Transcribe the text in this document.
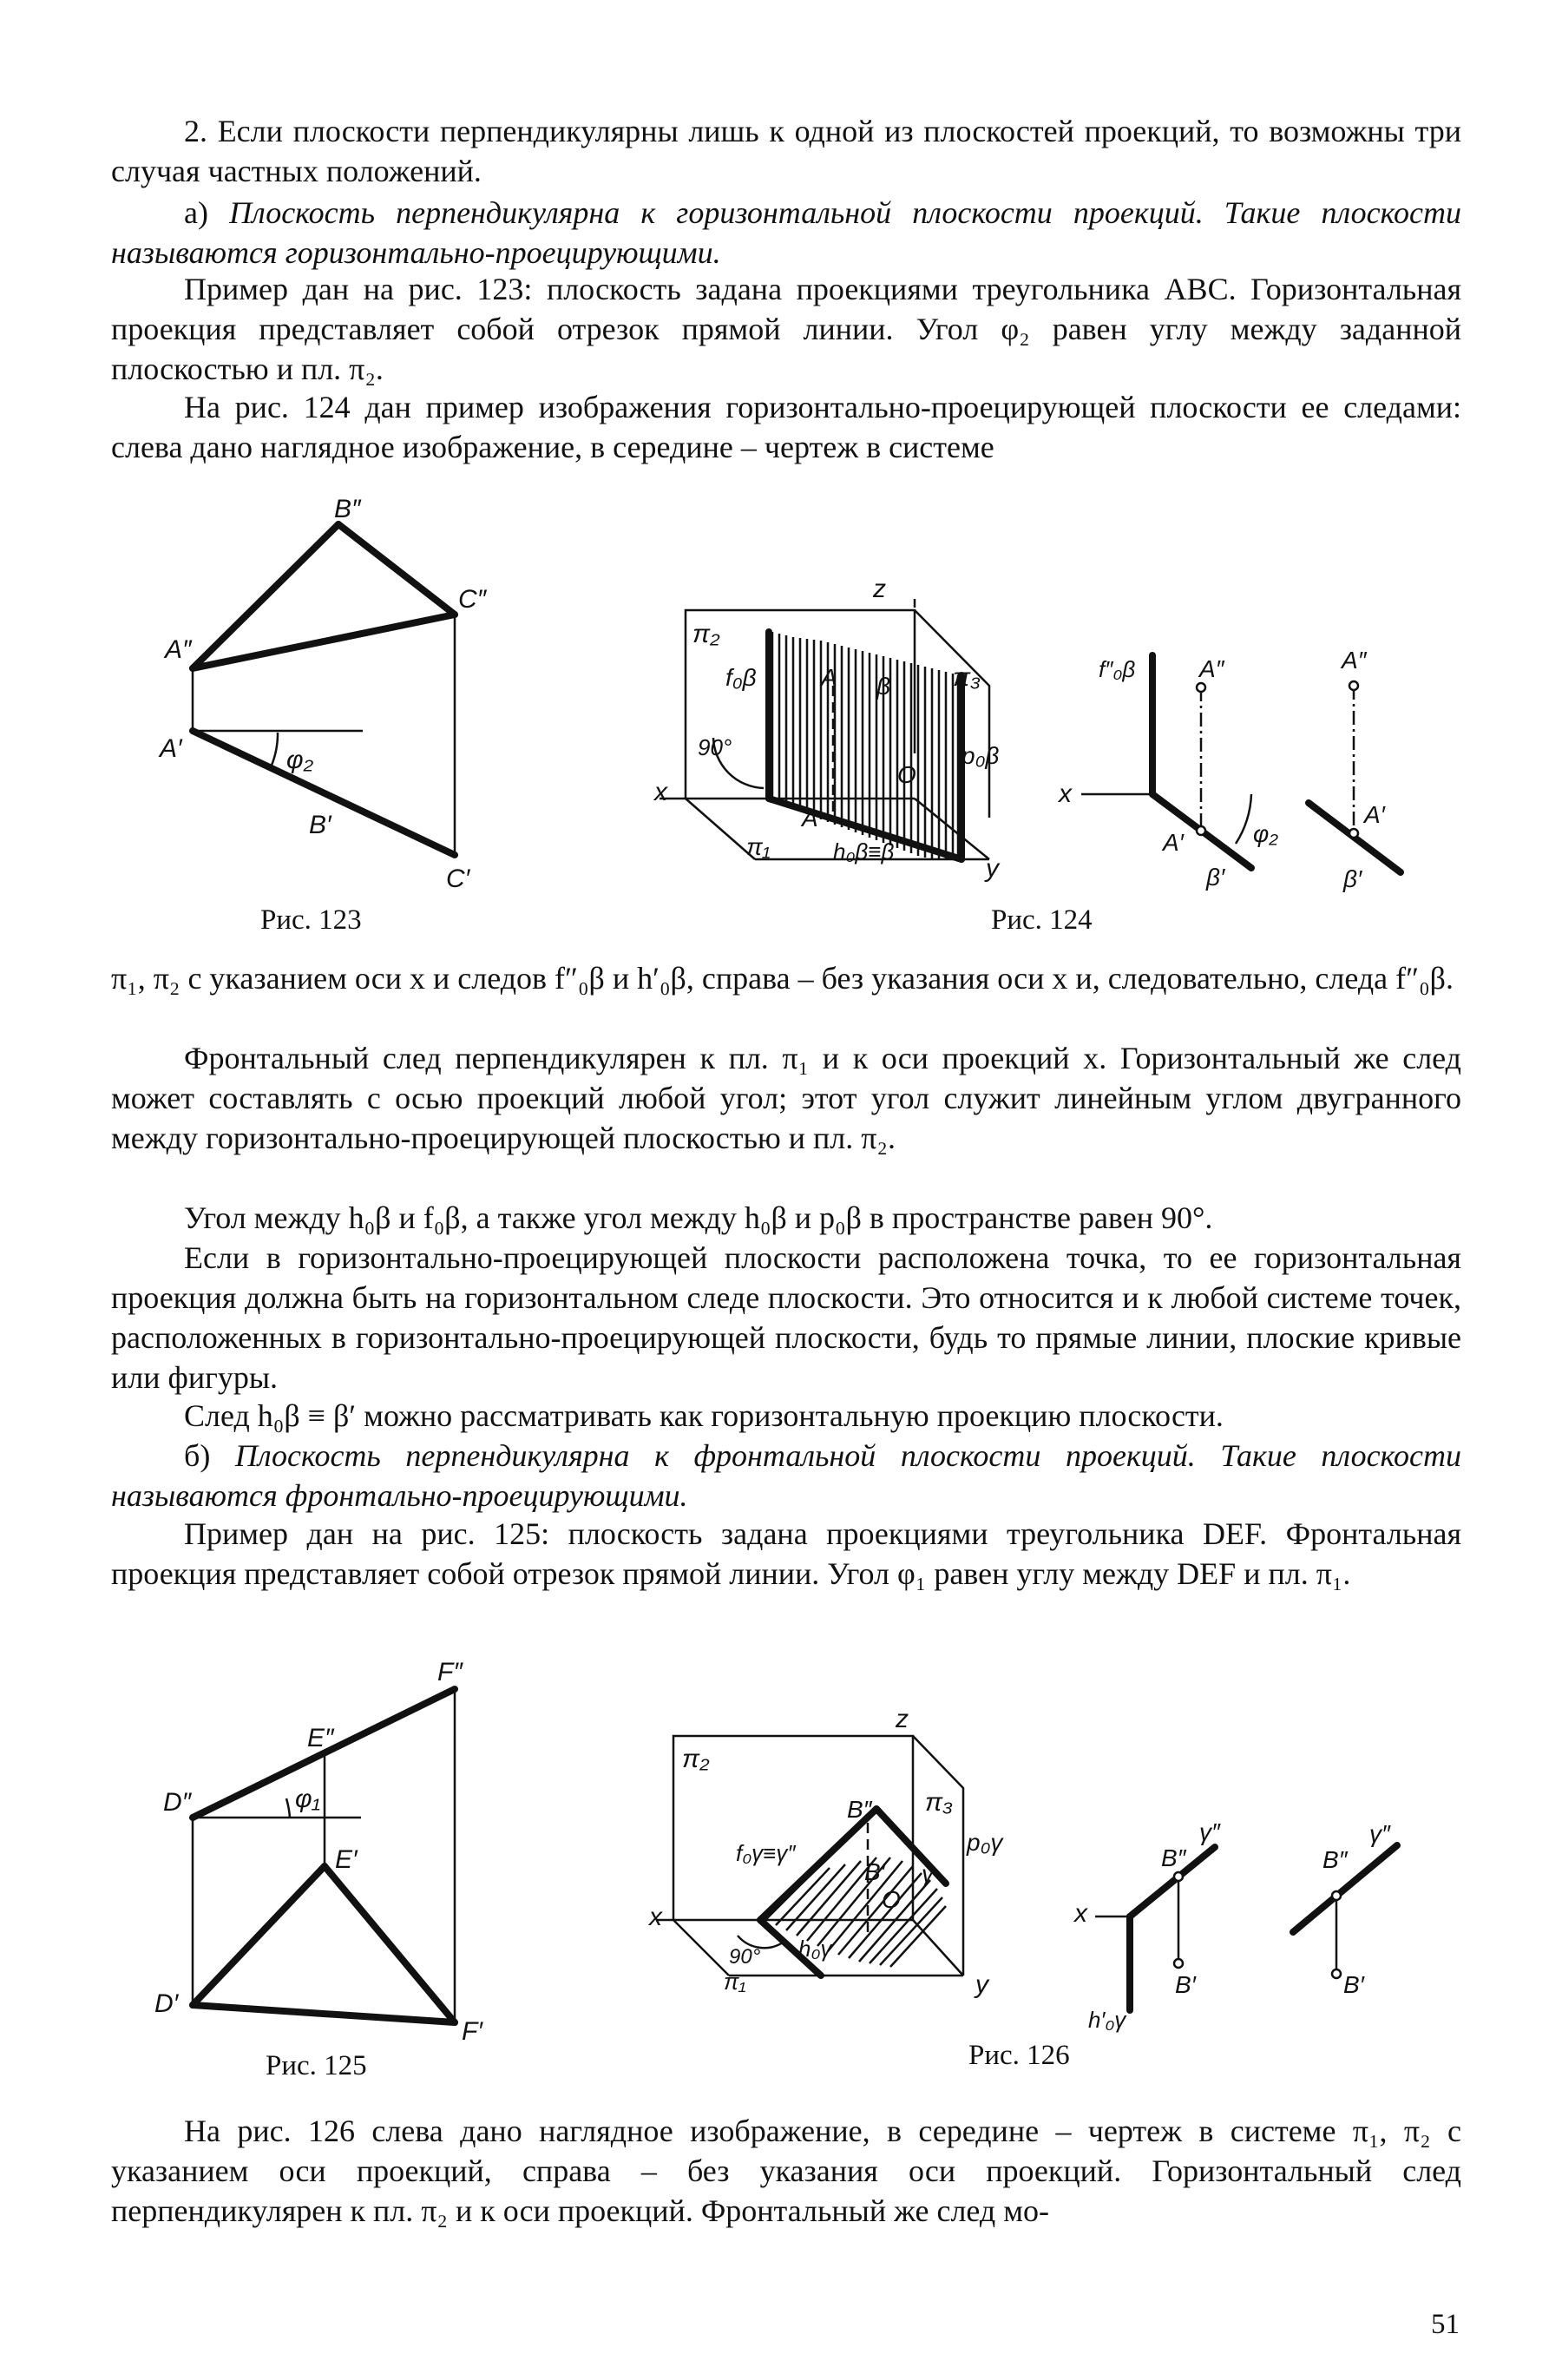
2. Если плоскости перпендикулярны лишь к одной из плоскостей проекций, то возможны три случая частных положений.
а) Плоскость перпендикулярна к горизонтальной плоскости проекций. Такие плоскости называются горизонтально-проецирующими.
Пример дан на рис. 123: плоскость задана проекциями треугольника ABC. Горизонтальная проекция представляет собой отрезок прямой линии. Угол φ₂ равен углу между заданной плоскостью и пл. π₂.
На рис. 124 дан пример изображения горизонтально-проецирующей плоскости ее следами: слева дано наглядное изображение, в середине – чертеж в системе
π₁, π₂ с указанием оси x и следов f″₀β и h′₀β, справа – без указания оси x и, следовательно, следа f″₀β.
Фронтальный след перпендикулярен к пл. π₁ и к оси проекций x. Горизонтальный же след может составлять с осью проекций любой угол; этот угол служит линейным углом двугранного между горизонтально-проецирующей плоскостью и пл. π₂.
Угол между h₀β и f₀β, а также угол между h₀β и p₀β в пространстве равен 90°.
Если в горизонтально-проецирующей плоскости расположена точка, то ее горизонтальная проекция должна быть на горизонтальном следе плоскости. Это относится и к любой системе точек, расположенных в горизонтально-проецирующей плоскости, будь то прямые линии, плоские кривые или фигуры.
След h₀β ≡ β′ можно рассматривать как горизонтальную проекцию плоскости.
б) Плоскость перпендикулярна к фронтальной плоскости проекций. Такие плоскости называются фронтально-проецирующими.
Пример дан на рис. 125: плоскость задана проекциями треугольника DEF. Фронтальная проекция представляет собой отрезок прямой линии. Угол φ₁ равен углу между DEF и пл. π₁.
На рис. 126 слева дано наглядное изображение, в середине – чертеж в системе π₁, π₂ с указанием оси проекций, справа – без указания оси проекций. Горизонтальный след перпендикулярен к пл. π₂ и к оси проекций. Фронтальный же след мо-
Рис. 123	Рис. 124
Рис. 125	Рис. 126
51
B″
C″
A″
A′	φ₂
B′
C′
z
π₂
π₃
f₀β
p₀β
90°
A β
O
x
π₁
A
h₀β≡β
y
f″₀β	A″
x
A′	φ₂
β′
A″
A′
β′
F″
E″
D″	φ₁
E′
D′
F′
z
π₂
π₃
p₀γ
B″
f₀γ≡γ″
B′ γ
O
x
90° h₀γ
π₁	y
B″
γ″
x
B′
h′₀γ
B″
γ″
B′
